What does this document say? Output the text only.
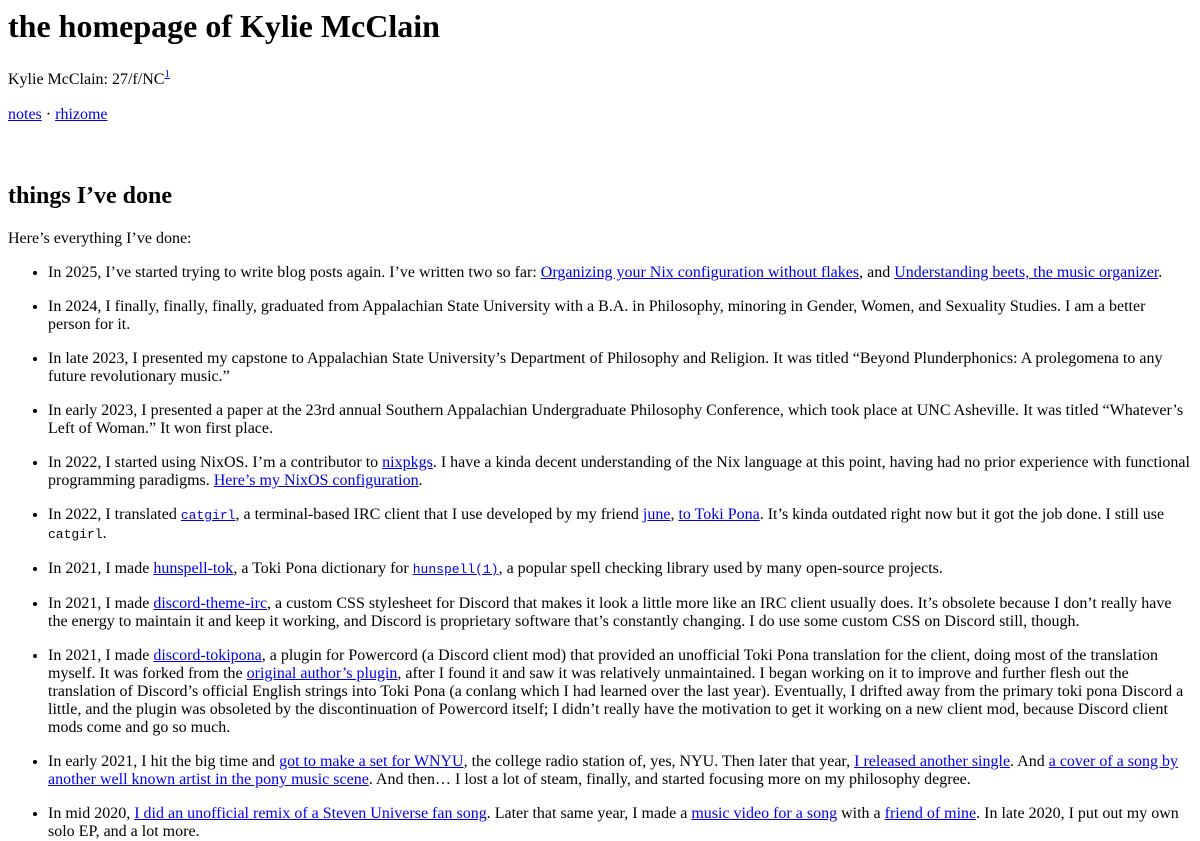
the homepage of Kylie McClain

Kylie McClain: 27/f/NC$^1$

notes · rhizome

things I’ve done

Here’s everything I’ve done:

• In 2025, I’ve started trying to write blog posts again. I’ve written two so far: Organizing your Nix configuration without flakes, and Understanding beets, the music organizer.
• In 2024, I finally, finally, finally, graduated from Appalachian State University with a B.A. in Philosophy, minoring in Gender, Women, and Sexuality Studies. I am a better person for it.
• In late 2023, I presented my capstone to Appalachian State University’s Department of Philosophy and Religion. It was titled “Beyond Plunderphonics: A prolegomena to any future revolutionary music.”
• In early 2023, I presented a paper at the 23rd annual Southern Appalachian Undergraduate Philosophy Conference, which took place at UNC Asheville. It was titled “Whatever’s Left of Woman.” It won first place.
• In 2022, I started using NixOS. I’m a contributor to nixpkgs. I have a kinda decent understanding of the Nix language at this point, having had no prior experience with functional programming paradigms. Here’s my NixOS configuration.
• In 2022, I translated catgirl, a terminal-based IRC client that I use developed by my friend june, to Toki Pona. It’s kinda outdated right now but it got the job done. I still use catgirl.
• In 2021, I made hunspell-tok, a Toki Pona dictionary for hunspell(1), a popular spell checking library used by many open-source projects.
• In 2021, I made discord-theme-irc, a custom CSS stylesheet for Discord that makes it look a little more like an IRC client usually does. It’s obsolete because I don’t really have the energy to maintain it and keep it working, and Discord is proprietary software that’s constantly changing. I do use some custom CSS on Discord still, though.
• In 2021, I made discord-tokipona, a plugin for Powercord (a Discord client mod) that provided an unofficial Toki Pona translation for the client, doing most of the translation myself. It was forked from the original author’s plugin, after I found it and saw it was relatively unmaintained. I began working on it to improve and further flesh out the translation of Discord’s official English strings into Toki Pona (a conlang which I had learned over the last year). Eventually, I drifted away from the primary toki pona Discord a little, and the plugin was obsoleted by the discontinuation of Powercord itself; I didn’t really have the motivation to get it working on a new client mod, because Discord client mods come and go so much.
• In early 2021, I hit the big time and got to make a set for WNYU, the college radio station of, yes, NYU. Then later that year, I released another single. And a cover of a song by another well known artist in the pony music scene. And then… I lost a lot of steam, finally, and started focusing more on my philosophy degree.
• In mid 2020, I did an unofficial remix of a Steven Universe fan song. Later that same year, I made a music video for a song with a friend of mine. In late 2020, I put out my own solo EP, and a lot more.
